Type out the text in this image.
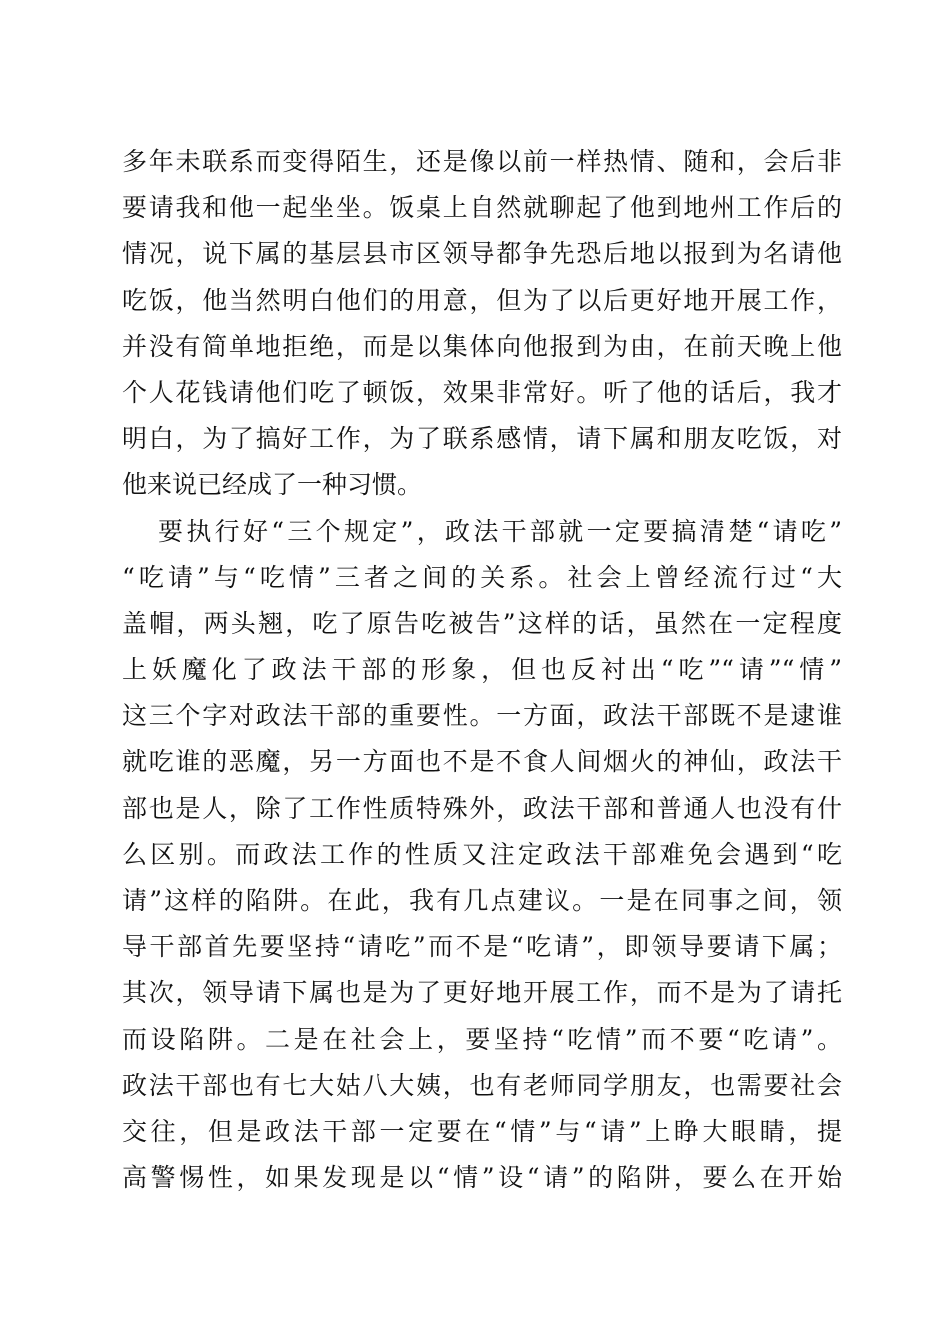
多年未联系而变得陌生，还是像以前一样热情、随和，会后非
要请我和他一起坐坐。饭桌上自然就聊起了他到地州工作后的
情况，说下属的基层县市区领导都争先恐后地以报到为名请他
吃饭，他当然明白他们的用意，但为了以后更好地开展工作，
并没有简单地拒绝，而是以集体向他报到为由，在前天晚上他
个人花钱请他们吃了顿饭，效果非常好。听了他的话后，我才
明白，为了搞好工作，为了联系感情，请下属和朋友吃饭，对
他来说已经成了一种习惯。
要执行好“三个规定”，政法干部就一定要搞清楚“请吃”
“吃请”与“吃情”三者之间的关系。社会上曾经流行过“大
盖帽，两头翘，吃了原告吃被告”这样的话，虽然在一定程度
上妖魔化了政法干部的形象，但也反衬出“吃”“请”“情”
这三个字对政法干部的重要性。一方面，政法干部既不是逮谁
就吃谁的恶魔，另一方面也不是不食人间烟火的神仙，政法干
部也是人，除了工作性质特殊外，政法干部和普通人也没有什
么区别。而政法工作的性质又注定政法干部难免会遇到“吃
请”这样的陷阱。在此，我有几点建议。一是在同事之间，领
导干部首先要坚持“请吃”而不是“吃请”，即领导要请下属；
其次，领导请下属也是为了更好地开展工作，而不是为了请托
而设陷阱。二是在社会上，要坚持“吃情”而不要“吃请”。
政法干部也有七大姑八大姨，也有老师同学朋友，也需要社会
交往，但是政法干部一定要在“情”与“请”上睁大眼睛，提
高警惕性，如果发现是以“情”设“请”的陷阱，要么在开始
